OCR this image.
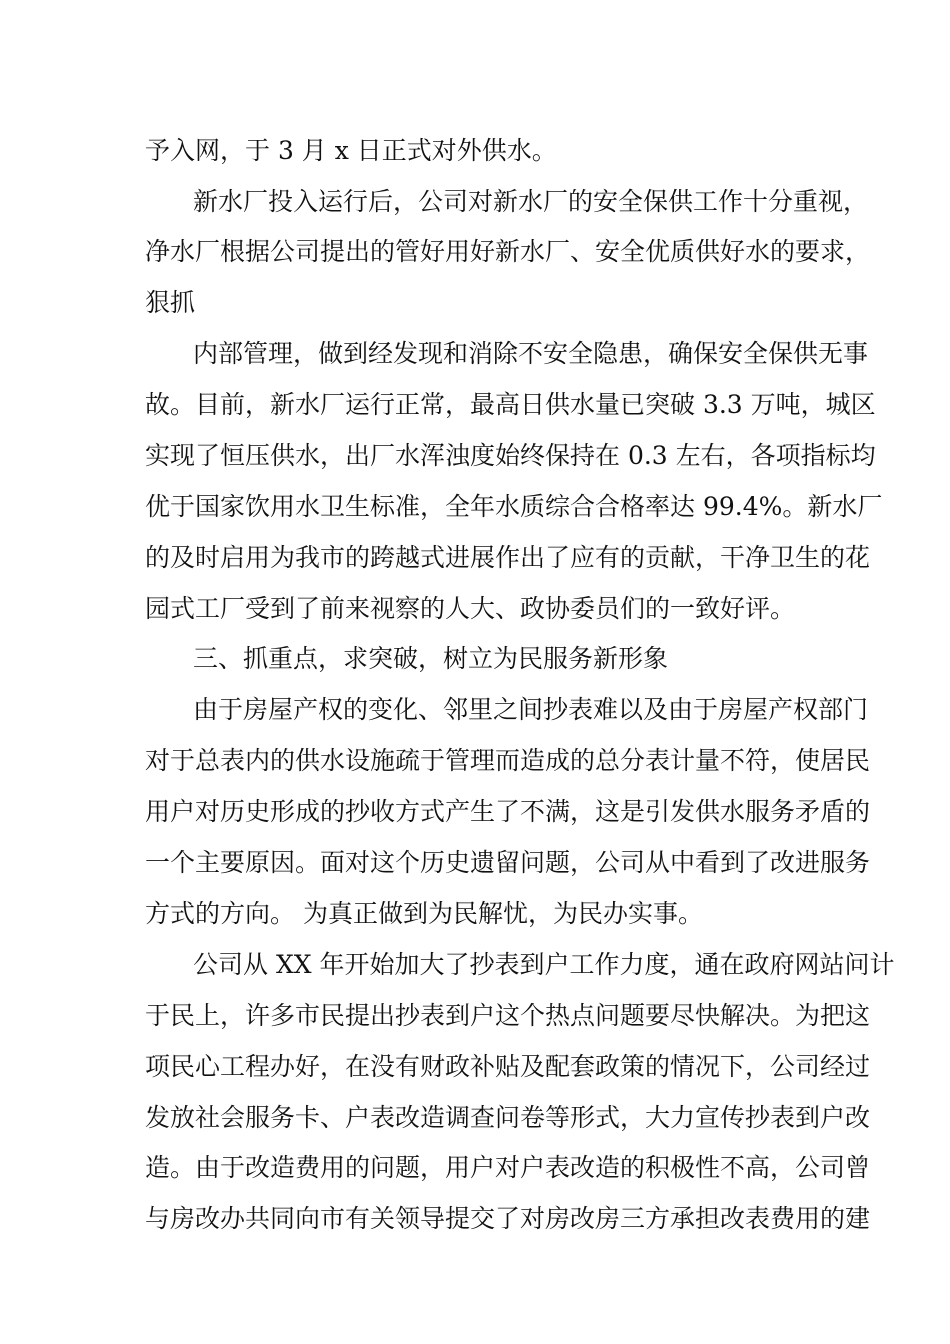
予入网，于 3 月 x 日正式对外供水。
新水厂投入运行后，公司对新水厂的安全保供工作十分重视，
净水厂根据公司提出的管好用好新水厂、安全优质供好水的要求，
狠抓
内部管理，做到经发现和消除不安全隐患，确保安全保供无事
故。目前，新水厂运行正常，最高日供水量已突破 3.3 万吨，城区
实现了恒压供水，出厂水浑浊度始终保持在 0.3 左右，各项指标均
优于国家饮用水卫生标准，全年水质综合合格率达 99.4%。新水厂
的及时启用为我市的跨越式进展作出了应有的贡献，干净卫生的花
园式工厂受到了前来视察的人大、政协委员们的一致好评。
三、抓重点，求突破，树立为民服务新形象
由于房屋产权的变化、邻里之间抄表难以及由于房屋产权部门
对于总表内的供水设施疏于管理而造成的总分表计量不符，使居民
用户对历史形成的抄收方式产生了不满，这是引发供水服务矛盾的
一个主要原因。面对这个历史遗留问题，公司从中看到了改进服务
方式的方向。 为真正做到为民解忧，为民办实事。
公司从 XX 年开始加大了抄表到户工作力度，通在政府网站问计
于民上，许多市民提出抄表到户这个热点问题要尽快解决。为把这
项民心工程办好，在没有财政补贴及配套政策的情况下，公司经过
发放社会服务卡、户表改造调查问卷等形式，大力宣传抄表到户改
造。由于改造费用的问题，用户对户表改造的积极性不高，公司曾
与房改办共同向市有关领导提交了对房改房三方承担改表费用的建
